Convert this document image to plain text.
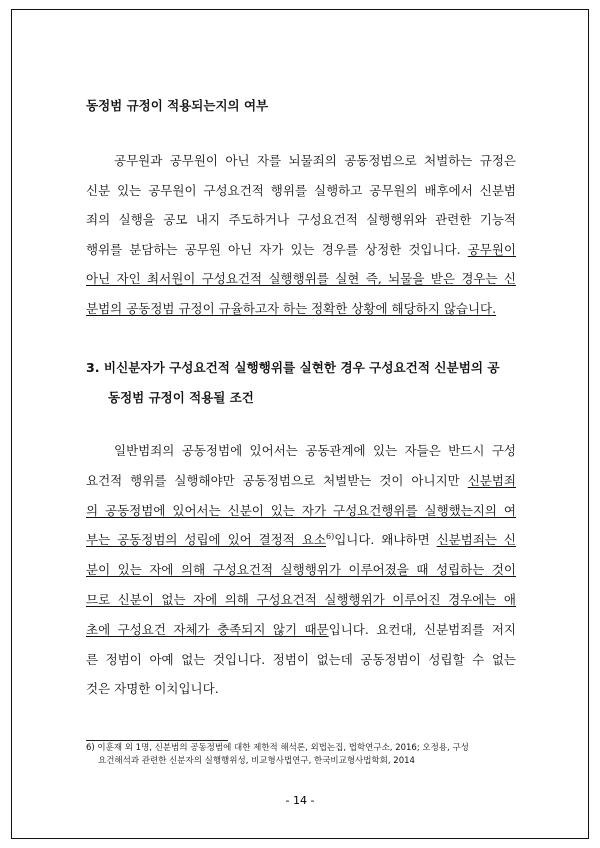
동정범 규정이 적용되는지의 여부
공무원과 공무원이 아닌 자를 뇌물죄의 공동정범으로 처벌하는 규정은
신분 있는 공무원이 구성요건적 행위를 실행하고 공무원의 배후에서 신분범
죄의 실행을 공모 내지 주도하거나 구성요건적 실행행위와 관련한 기능적
행위를 분담하는 공무원 아닌 자가 있는 경우를 상정한 것입니다. 공무원이
아닌 자인 최서원이 구성요건적 실행행위를 실현 즉, 뇌물을 받은 경우는 신
분범의 공동정범 규정이 규율하고자 하는 정확한 상황에 해당하지 않습니다.
3. 비신분자가 구성요건적 실행행위를 실현한 경우 구성요건적 신분범의 공
동정범 규정이 적용될 조건
일반범죄의 공동정범에 있어서는 공동관계에 있는 자들은 반드시 구성
요건적 행위를 실행해야만 공동정범으로 처벌받는 것이 아니지만 신분범죄
의 공동정범에 있어서는 신분이 있는 자가 구성요건행위를 실행했는지의 여
부는 공동정범의 성립에 있어 결정적 요소$^{6)}$입니다. 왜냐하면 신분범죄는 신
분이 있는 자에 의해 구성요건적 실행행위가 이루어졌을 때 성립하는 것이
므로 신분이 없는 자에 의해 구성요건적 실행행위가 이루어진 경우에는 애
초에 구성요건 자체가 충족되지 않기 때문입니다. 요컨대, 신분범죄를 저지
른 정범이 아예 없는 것입니다. 정범이 없는데 공동정범이 성립할 수 없는
것은 자명한 이치입니다.
6) 이훈재 외 1명, 신분범의 공동정범에 대한 제한적 해석론, 외법논집, 법학연구소, 2016; 오정용, 구성
요건해석과 관련한 신분자의 실행행위성, 비교형사법연구, 한국비교형사법학회, 2014
- 14 -
